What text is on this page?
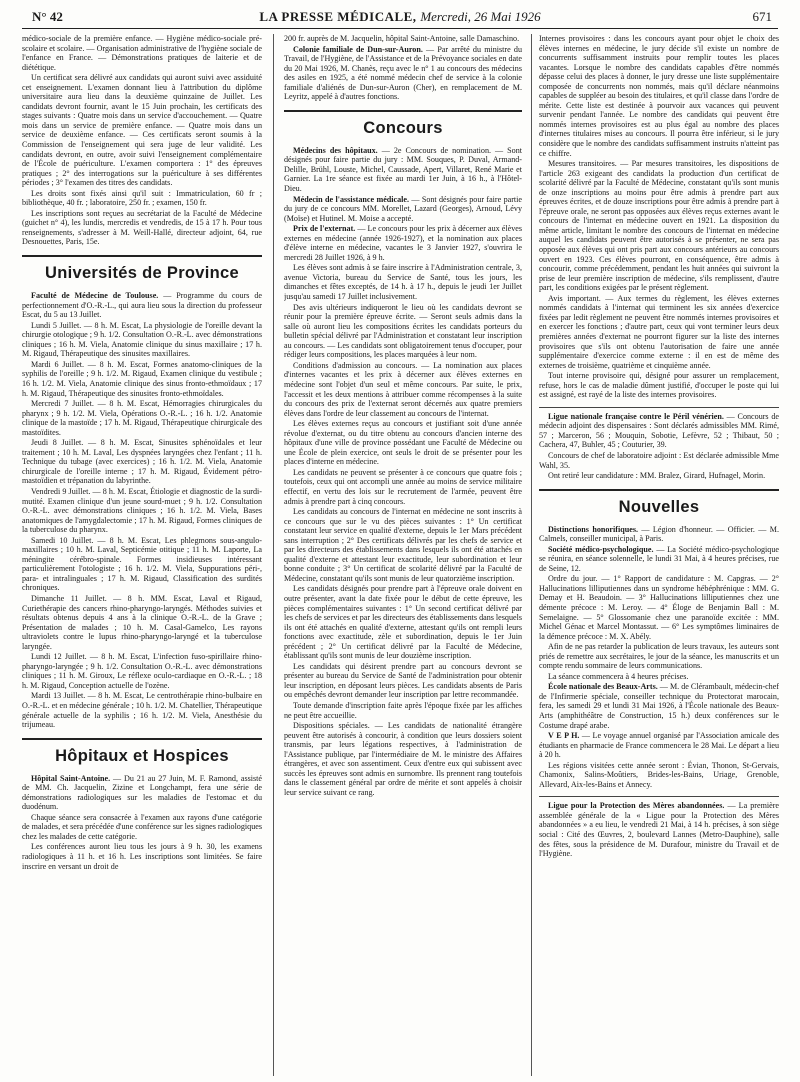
N° 42	LA PRESSE MÉDICALE, Mercredi, 26 Mai 1926	671

médico-sociale de la première enfance. — Hygiène médico-sociale pré-scolaire et scolaire. — Organisation administrative de l'hygiène sociale de l'enfance en France. — Démonstrations pratiques de laiterie et de diététique.

Un certificat sera délivré aux candidats qui auront suivi avec assiduité cet enseignement. L'examen donnant lieu à l'attribution du diplôme universitaire aura lieu dans la deuxième quinzaine de Juillet. Les candidats devront fournir, avant le 15 Juin prochain, les certificats des stages suivants : Quatre mois dans un service d'accouchement. — Quatre mois dans un service de première enfance. — Quatre mois dans un service de deuxième enfance. — Ces certificats seront soumis à la Commission de l'enseignement qui sera juge de leur validité. Les candidats devront, en outre, avoir suivi l'enseignement complémentaire de l'École de puériculture. L'examen comportera : 1° des épreuves pratiques ; 2° des interrogations sur la puériculture à ses différentes périodes ; 3° l'examen des titres des candidats.

Les droits sont fixés ainsi qu'il suit : Immatriculation, 60 fr ; bibliothèque, 40 fr. ; laboratoire, 250 fr. ; examen, 150 fr.

Les inscriptions sont reçues au secrétariat de la Faculté de Médecine (guichet n° 4), les lundis, mercredis et vendredis, de 15 à 17 h. Pour tous renseignements, s'adresser à M. Weill-Hallé, directeur adjoint, 64, rue Desnouettes, Paris, 15e.

Universités de Province

Faculté de Médecine de Toulouse. — Programme du cours de perfectionnement d'O.-R.-L., qui aura lieu sous la direction du professeur Escat, du 5 au 13 Juillet.

Lundi 5 Juillet. — 8 h. M. Escat, La physiologie de l'oreille devant la chirurgie otologique ; 9 h. 1/2. Consultation O.-R.-L. avec démonstrations cliniques ; 16 h. M. Viela, Anatomie clinique du sinus maxillaire ; 17 h. M. Rigaud, Thérapeutique des sinusites maxillaires.

Mardi 6 Juillet. — 8 h. M. Escat, Formes anatomo-cliniques de la syphilis de l'oreille ; 9 h. 1/2. M. Rigaud, Examen clinique du vestibule ; 16 h. 1/2. M. Viela, Anatomie clinique des sinus fronto-ethmoïdaux ; 17 h. M. Rigaud, Thérapeutique des sinusites fronto-ethmoïdales.

Mercredi 7 Juillet. — 8 h. M. Escat, Hémorragies chirurgicales du pharynx ; 9 h. 1/2. M. Viela, Opérations O.-R.-L. ; 16 h. 1/2. Anatomie clinique de la mastoïde ; 17 h. M. Rigaud, Thérapeutique chirurgicale des mastoïdites.

Jeudi 8 Juillet. — 8 h. M. Escat, Sinusites sphénoïdales et leur traitement ; 10 h. M. Laval, Les dyspnées laryngées chez l'enfant ; 11 h. Technique du tubage (avec exercices) ; 16 h. 1/2. M. Viela, Anatomie chirurgicale de l'oreille interne ; 17 h. M. Rigaud, Évidement pétro-mastoïdien et trépanation du labyrinthe.

Vendredi 9 Juillet. — 8 h. M. Escat, Étiologie et diagnostic de la surdi-mutité. Examen clinique d'un jeune sourd-muet ; 9 h. 1/2. Consultation O.-R.-L. avec démonstrations cliniques ; 16 h. 1/2. M. Viela, Bases anatomiques de l'amygdalectomie ; 17 h. M. Rigaud, Formes cliniques de la tuberculose du pharynx.

Samedi 10 Juillet. — 8 h. M. Escat, Les phlegmons sous-angulo-maxillaires ; 10 h. M. Laval, Septicémie otitique ; 11 h. M. Laporte, La méningite cérébro-spinale. Formes insidieuses intéressant particulièrement l'otologiste ; 16 h. 1/2. M. Viela, Suppurations péri-, para- et intralinguales ; 17 h. M. Rigaud, Classification des surdités chroniques.

Dimanche 11 Juillet. — 8 h. MM. Escat, Laval et Rigaud, Curiethérapie des cancers rhino-pharyngo-laryngés. Méthodes suivies et résultats obtenus depuis 4 ans à la clinique O.-R.-L. de la Grave ; Présentation de malades ; 10 h. M. Casal-Gamelco, Les rayons ultraviolets contre le lupus rhino-pharyngo-laryngé et la tuberculose laryngée.

Lundi 12 Juillet. — 8 h. M. Escat, L'infection fuso-spirillaire rhino-pharyngo-laryngée ; 9 h. 1/2. Consultation O.-R.-L. avec démonstrations cliniques ; 11 h. M. Giroux, Le réflexe oculo-cardiaque en O.-R.-L. ; 18 h. M. Rigaud, Conception actuelle de l'ozène.

Mardi 13 Juillet. — 8 h. M. Escat, Le centrothérapie rhino-bulbaire en O.-R.-L. et en médecine générale ; 10 h. 1/2. M. Chatellier, Thérapeutique générale actuelle de la syphilis ; 16 h. 1/2. M. Viela, Anesthésie du trijumeau.

Hôpitaux et Hospices

Hôpital Saint-Antoine. — Du 21 au 27 Juin, M. F. Ramond, assisté de MM. Ch. Jacquelin, Zizine et Longchampt, fera une série de démonstrations radiologiques sur les maladies de l'estomac et du duodénum.

Chaque séance sera consacrée à l'examen aux rayons d'une catégorie de malades, et sera précédée d'une conférence sur les signes radiologiques chez les malades de cette catégorie.

Les conférences auront lieu tous les jours à 9 h. 30, les examens radiologiques à 11 h. et 16 h. Les inscriptions sont limitées. Se faire inscrire en versant un droit de

200 fr. auprès de M. Jacquelin, hôpital Saint-Antoine, salle Damaschino.

Colonie familiale de Dun-sur-Auron. — Par arrêté du ministre du Travail, de l'Hygiène, de l'Assistance et de la Prévoyance sociales en date du 20 Mai 1926, M. Chanès, reçu avec le n° 1 au concours des médecins des asiles en 1925, a été nommé médecin chef de service à la colonie familiale d'aliénés de Dun-sur-Auron (Cher), en remplacement de M. Leyritz, appelé à d'autres fonctions.

Concours

Médecins des hôpitaux. — 2e Concours de nomination. — Sont désignés pour faire partie du jury : MM. Souques, P. Duval, Armand-Delille, Brühl, Louste, Michel, Caussade, Apert, Villaret, René Marie et Garnier. La 1re séance est fixée au mardi 1er Juin, à 16 h., à l'Hôtel-Dieu.

Médecin de l'assistance médicale. — Sont désignés pour faire partie du jury de ce concours MM. Morellet, Lazard (Georges), Arnoud, Lévy (Moïse) et Hutinel. M. Moise a accepté.

Prix de l'externat. — Le concours pour les prix à décerner aux élèves externes en médecine (année 1926-1927), et la nomination aux places d'élève interne en médecine, vacantes le 3 Janvier 1927, s'ouvrira le mercredi 28 Juillet 1926, à 9 h.

Les élèves sont admis à se faire inscrire à l'Administration centrale, 3, avenue Victoria, bureau du Service de Santé, tous les jours, les dimanches et fêtes exceptés, de 14 h. à 17 h., depuis le jeudi 1er Juillet jusqu'au samedi 17 Juillet inclusivement.

Des avis ultérieurs indiqueront le lieu où les candidats devront se réunir pour la première épreuve écrite. — Seront seuls admis dans la salle où auront lieu les compositions écrites les candidats porteurs du bulletin spécial délivré par l'Administration et constatant leur inscription au concours. — Les candidats sont obligatoirement tenus d'occuper, pour rédiger leurs compositions, les places marquées à leur nom.

Conditions d'admission au concours. — La nomination aux places d'internes vacantes et les prix à décerner aux élèves externes en médecine sont l'objet d'un seul et même concours. Par suite, le prix, l'accessit et les deux mentions à attribuer comme récompenses à la suite du concours des prix de l'externat seront décernés aux quatre premiers élèves dans l'ordre de leur classement au concours de l'internat.

Les élèves externes reçus au concours et justifiant soit d'une année révolue d'externat, ou du titre obtenu au concours d'ancien interne des hôpitaux d'une ville de province possédant une Faculté de Médecine ou une École de plein exercice, ont seuls le droit de se présenter pour les places d'interne en médecine.

Les candidats ne peuvent se présenter à ce concours que quatre fois ; toutefois, ceux qui ont accompli une année au moins de service militaire effectif, en vertu des lois sur le recrutement de l'armée, peuvent être admis à prendre part à cinq concours.

Les candidats au concours de l'internat en médecine ne sont inscrits à ce concours que sur le vu des pièces suivantes : 1° Un certificat constatant leur service en qualité d'externe, depuis le 1er Mars précédent sans interruption ; 2° Des certificats délivrés par les chefs de service et par les directeurs des établissements dans lesquels ils ont été attachés en qualité d'externe et attestant leur exactitude, leur subordination et leur bonne conduite ; 3° Un certificat de scolarité délivré par la Faculté de Médecine, constatant qu'ils sont munis de leur quatorzième inscription.

Les candidats désignés pour prendre part à l'épreuve orale doivent en outre présenter, avant la date fixée pour le début de cette épreuve, les pièces complémentaires suivantes : 1° Un second certificat délivré par les chefs de services et par les directeurs des établissements dans lesquels ils ont été attachés en qualité d'externe, attestant qu'ils ont rempli leurs fonctions avec exactitude, zèle et subordination, depuis le 1er Juin précédent ; 2° Un certificat délivré par la Faculté de Médecine, établissant qu'ils sont munis de leur douzième inscription.

Les candidats qui désirent prendre part au concours devront se présenter au bureau du Service de Santé de l'administration pour obtenir leur inscription, en déposant leurs pièces. Les candidats absents de Paris ou empêchés devront demander leur inscription par lettre recommandée.

Toute demande d'inscription faite après l'époque fixée par les affiches ne peut être accueillie.

Dispositions spéciales. — Les candidats de nationalité étrangère peuvent être autorisés à concourir, à condition que leurs dossiers soient transmis, par leurs légations respectives, à l'administration de l'Assistance publique, par l'intermédiaire de M. le ministre des Affaires étrangères, et avec son assentiment. Ceux d'entre eux qui subissent avec succès les épreuves sont admis en surnombre. Ils prennent rang toutefois dans le classement général par ordre de mérite et sont appelés à choisir leur service suivant ce rang.

Internes provisoires : dans les concours ayant pour objet le choix des élèves internes en médecine, le jury décide s'il existe un nombre de concurrents suffisamment instruits pour remplir toutes les places vacantes. Lorsque le nombre des candidats capables d'être nommés dépasse celui des places à donner, le jury dresse une liste supplémentaire composée de concurrents non nommés, mais qu'il déclare néanmoins capables de suppléer au besoin des titulaires, et qu'il classe dans l'ordre de mérite. Cette liste est destinée à pourvoir aux vacances qui peuvent survenir pendant l'année. Le nombre des candidats qui peuvent être nommés internes provisoires est au plus égal au nombre des places d'internes titulaires mises au concours. Il pourra être inférieur, si le jury considère que le nombre des candidats suffisamment instruits n'atteint pas ce chiffre.

Mesures transitoires. — Par mesures transitoires, les dispositions de l'article 263 exigeant des candidats la production d'un certificat de scolarité délivré par la Faculté de Médecine, constatant qu'ils sont munis de onze inscriptions au moins pour être admis à prendre part aux épreuves écrites, et de douze inscriptions pour être admis à prendre part à l'épreuve orale, ne seront pas opposées aux élèves reçus externes avant le concours de l'internat en médecine ouvert en 1921. La disposition du même article, limitant le nombre des concours de l'internat en médecine auquel les candidats peuvent être autorisés à se présenter, ne sera pas opposée aux élèves qui ont pris part aux concours antérieurs au concours ouvert en 1923. Ces élèves pourront, en conséquence, être admis à concourir, comme précédemment, pendant les huit années qui suivront la prise de leur première inscription de médecine, s'ils remplissent, d'autre part, les conditions exigées par le présent règlement.

Avis important. — Aux termes du règlement, les élèves externes nommés candidats à l'internat qui terminent les six années d'exercice fixées par ledit règlement ne peuvent être nommés internes provisoires et en exercer les fonctions ; d'autre part, ceux qui vont terminer leurs deux premières années d'externat ne pourront figurer sur la liste des internes provisoires que s'ils ont obtenu l'autorisation de faire une année supplémentaire d'exercice comme externe : il en est de même des externes de troisième, quatrième et cinquième année.

Tout interne provisoire qui, désigné pour assurer un remplacement, refuse, hors le cas de maladie dûment justifié, d'occuper le poste qui lui est assigné, est rayé de la liste des internes provisoires.

Ligue nationale française contre le Péril vénérien. — Concours de médecin adjoint des dispensaires : Sont déclarés admissibles MM. Rimé, 57 ; Marceron, 56 ; Mouquin, Sobotie, Lefèvre, 52 ; Thibaut, 50 ; Cachera, 47, Buhler, 45 ; Couturier, 39.

Concours de chef de laboratoire adjoint : Est déclarée admissible Mme Wahl, 35.

Ont retiré leur candidature : MM. Bralez, Girard, Hufnagel, Morin.

Nouvelles

Distinctions honorifiques. — Légion d'honneur. — Officier. — M. Calmels, conseiller municipal, à Paris.

Société médico-psychologique. — La Société médico-psychologique se réunira, en séance solennelle, le lundi 31 Mai, à 4 heures précises, rue de Seine, 12.

Ordre du jour. — 1° Rapport de candidature : M. Capgras. — 2° Hallucinations lilliputiennes dans un syndrome hébéphrénique : MM. G. Demay et H. Beaudoin. — 3° Hallucinations lilliputiennes chez une démente précoce : M. Leroy. — 4° Éloge de Benjamin Ball : M. Semelaigne. — 5° Glossomanie chez une paranoïde excitée : MM. Michel Génac et Marcel Montassut. — 6° Les symptômes liminaires de la démence précoce : M. X. Abély.

Afin de ne pas retarder la publication de leurs travaux, les auteurs sont priés de remettre aux secrétaires, le jour de la séance, les manuscrits et un compte rendu sommaire de leurs communications.

La séance commencera à 4 heures précises.

École nationale des Beaux-Arts. — M. de Clérambault, médecin-chef de l'Infirmerie spéciale, conseiller technique du Protectorat marocain, fera, les samedi 29 et lundi 31 Mai 1926, à l'École nationale des Beaux-Arts (amphithéâtre de Construction, 15 h.) deux conférences sur le Costume drapé arabe.

V E P H. — Le voyage annuel organisé par l'Association amicale des étudiants en pharmacie de France commencera le 28 Mai. Le départ a lieu à 20 h.

Les régions visitées cette année seront : Évian, Thonon, St-Gervais, Chamonix, Salins-Moûtiers, Brides-les-Bains, Uriage, Grenoble, Allevard, Aix-les-Bains et Annecy.

Ligue pour la Protection des Mères abandonnées. — La première assemblée générale de la « Ligue pour la Protection des Mères abandonnées » a eu lieu, le vendredi 21 Mai, à 14 h. précises, à son siège social : Cité des Œuvres, 2, boulevard Lannes (Metro-Dauphine), salle des fêtes, sous la présidence de M. Durafour, ministre du Travail et de l'Hygiène.
